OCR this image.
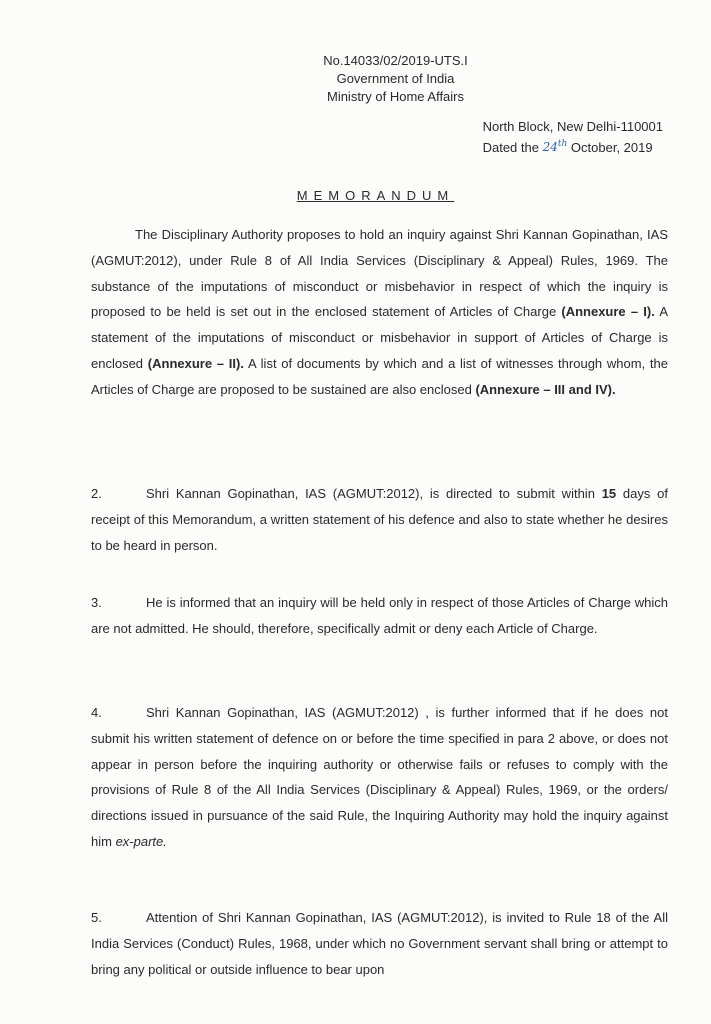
No.14033/02/2019-UTS.I
Government of India
Ministry of Home Affairs
North Block, New Delhi-110001
Dated the 24th October, 2019
MEMORANDUM

The Disciplinary Authority proposes to hold an inquiry against Shri Kannan Gopinathan, IAS (AGMUT:2012), under Rule 8 of All India Services (Disciplinary & Appeal) Rules, 1969. The substance of the imputations of misconduct or misbehavior in respect of which the inquiry is proposed to be held is set out in the enclosed statement of Articles of Charge (Annexure – I). A statement of the imputations of misconduct or misbehavior in support of Articles of Charge is enclosed (Annexure – II). A list of documents by which and a list of witnesses through whom, the Articles of Charge are proposed to be sustained are also enclosed (Annexure – III and IV).

2.	Shri Kannan Gopinathan, IAS (AGMUT:2012), is directed to submit within 15 days of receipt of this Memorandum, a written statement of his defence and also to state whether he desires to be heard in person.

3.	He is informed that an inquiry will be held only in respect of those Articles of Charge which are not admitted. He should, therefore, specifically admit or deny each Article of Charge.

4.	Shri Kannan Gopinathan, IAS (AGMUT:2012) , is further informed that if he does not submit his written statement of defence on or before the time specified in para 2 above, or does not appear in person before the inquiring authority or otherwise fails or refuses to comply with the provisions of Rule 8 of the All India Services (Disciplinary & Appeal) Rules, 1969, or the orders/ directions issued in pursuance of the said Rule, the Inquiring Authority may hold the inquiry against him ex-parte.

5.	Attention of Shri Kannan Gopinathan, IAS (AGMUT:2012), is invited to Rule 18 of the All India Services (Conduct) Rules, 1968, under which no Government servant shall bring or attempt to bring any political or outside influence to bear upon
